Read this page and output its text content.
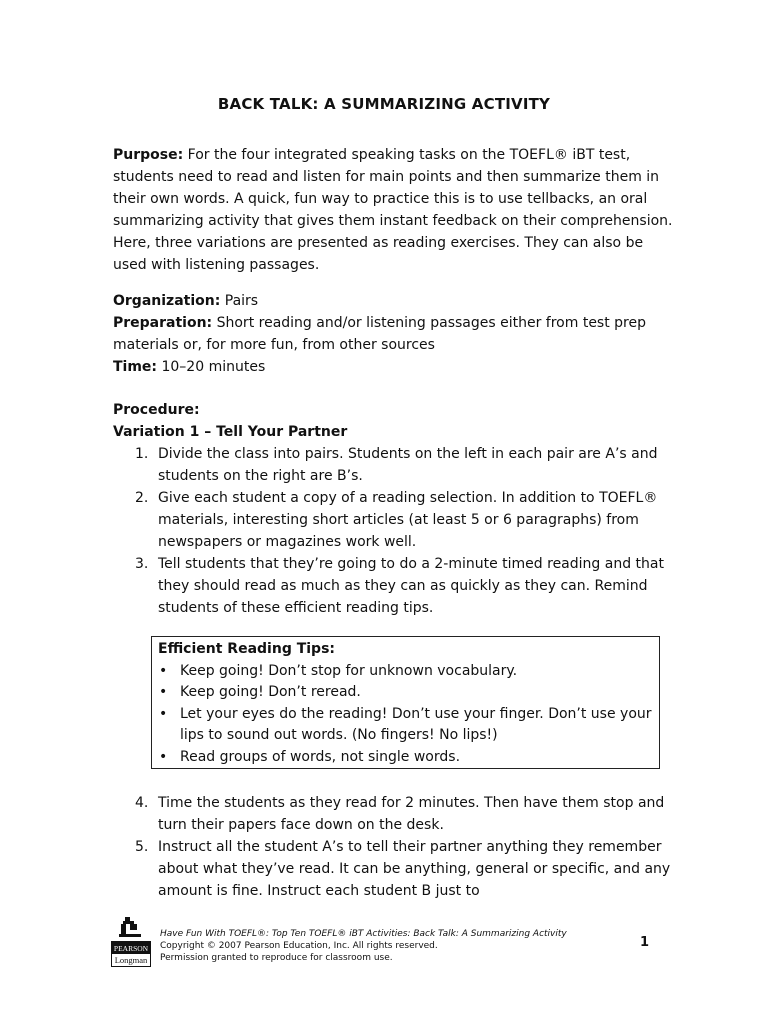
BACK TALK: A SUMMARIZING ACTIVITY

Purpose: For the four integrated speaking tasks on the TOEFL® iBT test, students need to read and listen for main points and then summarize them in their own words. A quick, fun way to practice this is to use tellbacks, an oral summarizing activity that gives them instant feedback on their comprehension. Here, three variations are presented as reading exercises. They can also be used with listening passages.

Organization: Pairs

Preparation: Short reading and/or listening passages either from test prep materials or, for more fun, from other sources

Time: 10–20 minutes

Procedure:

Variation 1 – Tell Your Partner

1. Divide the class into pairs. Students on the left in each pair are A’s and students on the right are B’s.
2. Give each student a copy of a reading selection. In addition to TOEFL® materials, interesting short articles (at least 5 or 6 paragraphs) from newspapers or magazines work well.
3. Tell students that they’re going to do a 2-minute timed reading and that they should read as much as they can as quickly as they can. Remind students of these efficient reading tips.
Efficient Reading Tips:
• Keep going! Don’t stop for unknown vocabulary.
• Keep going! Don’t reread.
• Let your eyes do the reading! Don’t use your finger. Don’t use your lips to sound out words. (No fingers! No lips!)
• Read groups of words, not single words.
4. Time the students as they read for 2 minutes. Then have them stop and turn their papers face down on the desk.
5. Instruct all the student A’s to tell their partner anything they remember about what they’ve read. It can be anything, general or specific, and any amount is fine. Instruct each student B just to
PEARSON
Longman
Have Fun With TOEFL®: Top Ten TOEFL® iBT Activities: Back Talk: A Summarizing Activity
Copyright © 2007 Pearson Education, Inc. All rights reserved.
Permission granted to reproduce for classroom use.
1
